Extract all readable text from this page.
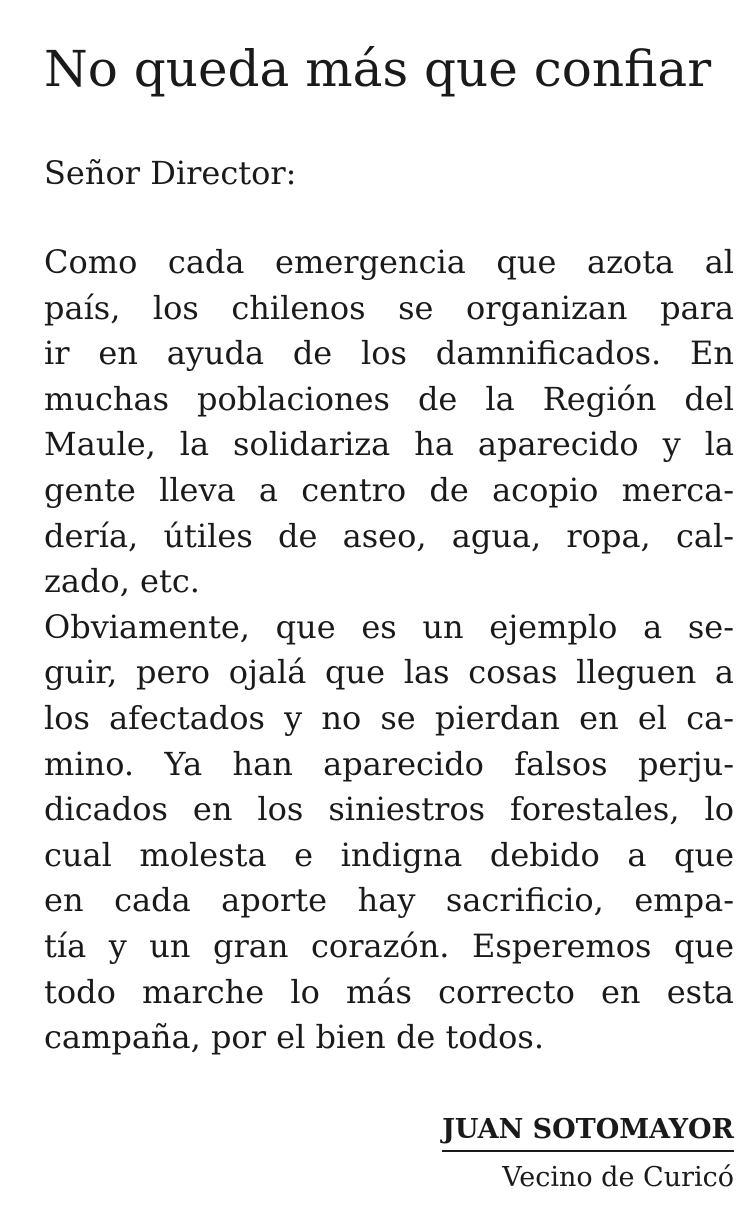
No queda más que confiar

Señor Director:

Como cada emergencia que azota al
país, los chilenos se organizan para
ir en ayuda de los damnificados. En
muchas poblaciones de la Región del
Maule, la solidariza ha aparecido y la
gente lleva a centro de acopio merca-
dería, útiles de aseo, agua, ropa, cal-
zado, etc.
Obviamente, que es un ejemplo a se-
guir, pero ojalá que las cosas lleguen a
los afectados y no se pierdan en el ca-
mino. Ya han aparecido falsos perju-
dicados en los siniestros forestales, lo
cual molesta e indigna debido a que
en cada aporte hay sacrificio, empa-
tía y un gran corazón. Esperemos que
todo marche lo más correcto en esta
campaña, por el bien de todos.
JUAN SOTOMAYOR
Vecino de Curicó
